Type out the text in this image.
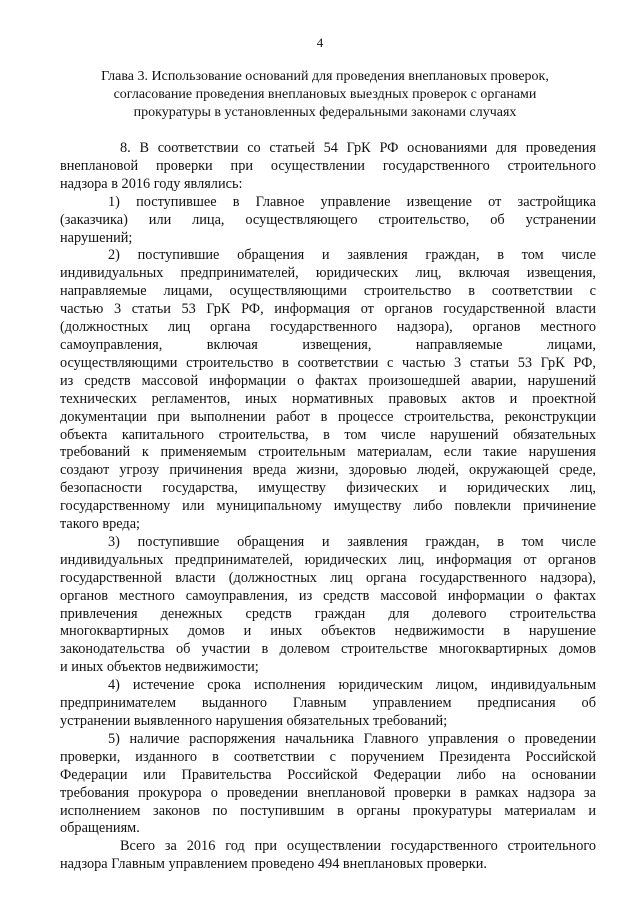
4
Глава 3. Использование оснований для проведения внеплановых проверок,
согласование проведения внеплановых выездных проверок с органами
прокуратуры в установленных федеральными законами случаях
8. В соответствии со статьей 54 ГрК РФ основаниями для проведения
внеплановой проверки при осуществлении государственного строительного
надзора в 2016 году являлись:
1) поступившее в Главное управление извещение от застройщика
(заказчика) или лица, осуществляющего строительство, об устранении
нарушений;
2) поступившие обращения и заявления граждан, в том числе
индивидуальных предпринимателей, юридических лиц, включая извещения,
направляемые лицами, осуществляющими строительство в соответствии с
частью 3 статьи 53 ГрК РФ, информация от органов государственной власти
(должностных лиц органа государственного надзора), органов местного
самоуправления, включая извещения, направляемые лицами,
осуществляющими строительство в соответствии с частью 3 статьи 53 ГрК РФ,
из средств массовой информации о фактах произошедшей аварии, нарушений
технических регламентов, иных нормативных правовых актов и проектной
документации при выполнении работ в процессе строительства, реконструкции
объекта капитального строительства, в том числе нарушений обязательных
требований к применяемым строительным материалам, если такие нарушения
создают угрозу причинения вреда жизни, здоровью людей, окружающей среде,
безопасности государства, имуществу физических и юридических лиц,
государственному или муниципальному имуществу либо повлекли причинение
такого вреда;
3) поступившие обращения и заявления граждан, в том числе
индивидуальных предпринимателей, юридических лиц, информация от органов
государственной власти (должностных лиц органа государственного надзора),
органов местного самоуправления, из средств массовой информации о фактах
привлечения денежных средств граждан для долевого строительства
многоквартирных домов и иных объектов недвижимости в нарушение
законодательства об участии в долевом строительстве многоквартирных домов
и иных объектов недвижимости;
4) истечение срока исполнения юридическим лицом, индивидуальным
предпринимателем выданного Главным управлением предписания об
устранении выявленного нарушения обязательных требований;
5) наличие распоряжения начальника Главного управления о проведении
проверки, изданного в соответствии с поручением Президента Российской
Федерации или Правительства Российской Федерации либо на основании
требования прокурора о проведении внеплановой проверки в рамках надзора за
исполнением законов по поступившим в органы прокуратуры материалам и
обращениям.
Всего за 2016 год при осуществлении государственного строительного
надзора Главным управлением проведено 494 внеплановых проверки.
